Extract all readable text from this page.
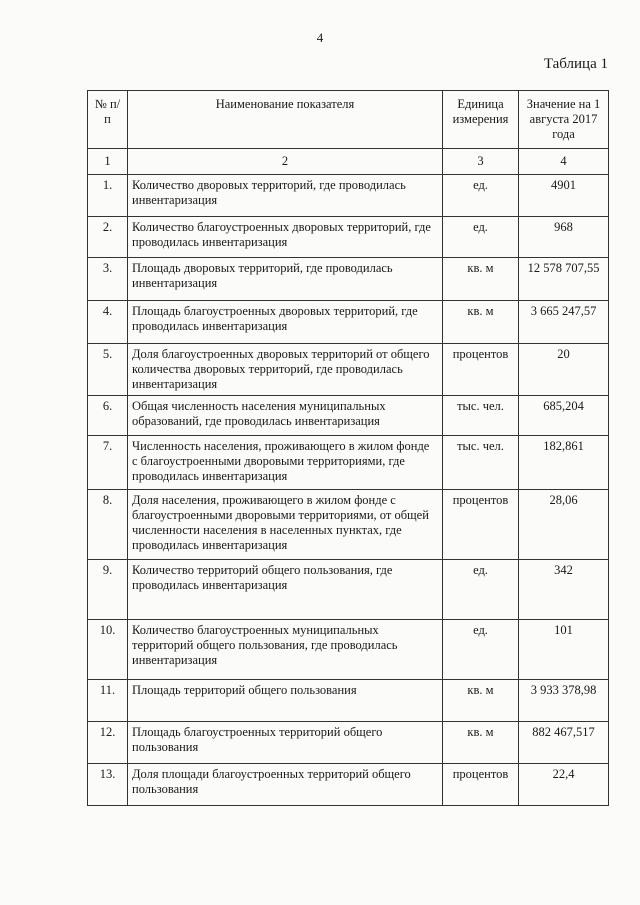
4
Таблица 1
№ п/п	Наименование показателя	Единица измерения	Значение на 1 августа 2017 года
1	2	3	4
1.	Количество дворовых территорий, где проводилась инвентаризация	ед.	4901
2.	Количество благоустроенных дворовых территорий, где проводилась инвентаризация	ед.	968
3.	Площадь дворовых территорий, где проводилась инвентаризация	кв. м	12 578 707,55
4.	Площадь благоустроенных дворовых территорий, где проводилась инвентаризация	кв. м	3 665 247,57
5.	Доля благоустроенных дворовых территорий от общего количества дворовых территорий, где проводилась инвентаризация	процентов	20
6.	Общая численность населения муниципальных образований, где проводилась инвентаризация	тыс. чел.	685,204
7.	Численность населения, проживающего в жилом фонде с благоустроенными дворовыми территориями, где проводилась инвентаризация	тыс. чел.	182,861
8.	Доля населения, проживающего в жилом фонде с благоустроенными дворовыми территориями, от общей численности населения в населенных пунктах, где проводилась инвентаризация	процентов	28,06
9.	Количество территорий общего пользования, где проводилась инвентаризация	ед.	342
10.	Количество благоустроенных муниципальных территорий общего пользования, где проводилась инвентаризация	ед.	101
11.	Площадь территорий общего пользования	кв. м	3 933 378,98
12.	Площадь благоустроенных территорий общего пользования	кв. м	882 467,517
13.	Доля площади благоустроенных территорий общего пользования	процентов	22,4
